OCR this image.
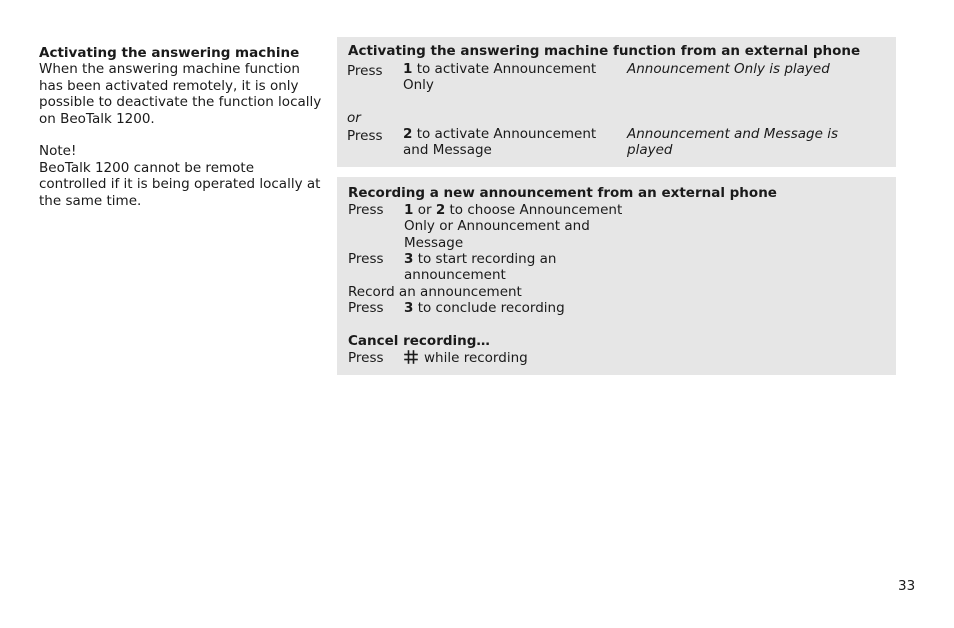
Activating the answering machine

When the answering machine function has been activated remotely, it is only possible to deactivate the function locally on BeoTalk 1200.

Note!

BeoTalk 1200 cannot be remote controlled if it is being operated locally at the same time.

Activating the answering machine function from an external phone
Press 1 to activate Announcement Only
Announcement Only is played
or
Press 2 to activate Announcement and Message
Announcement and Message is played
Recording a new announcement from an external phone
Press 1 or 2 to choose Announcement Only or Announcement and Message
Press 3 to start recording an announcement
Record an announcement
Press 3 to conclude recording
Cancel recording…
Press	while recording
33
